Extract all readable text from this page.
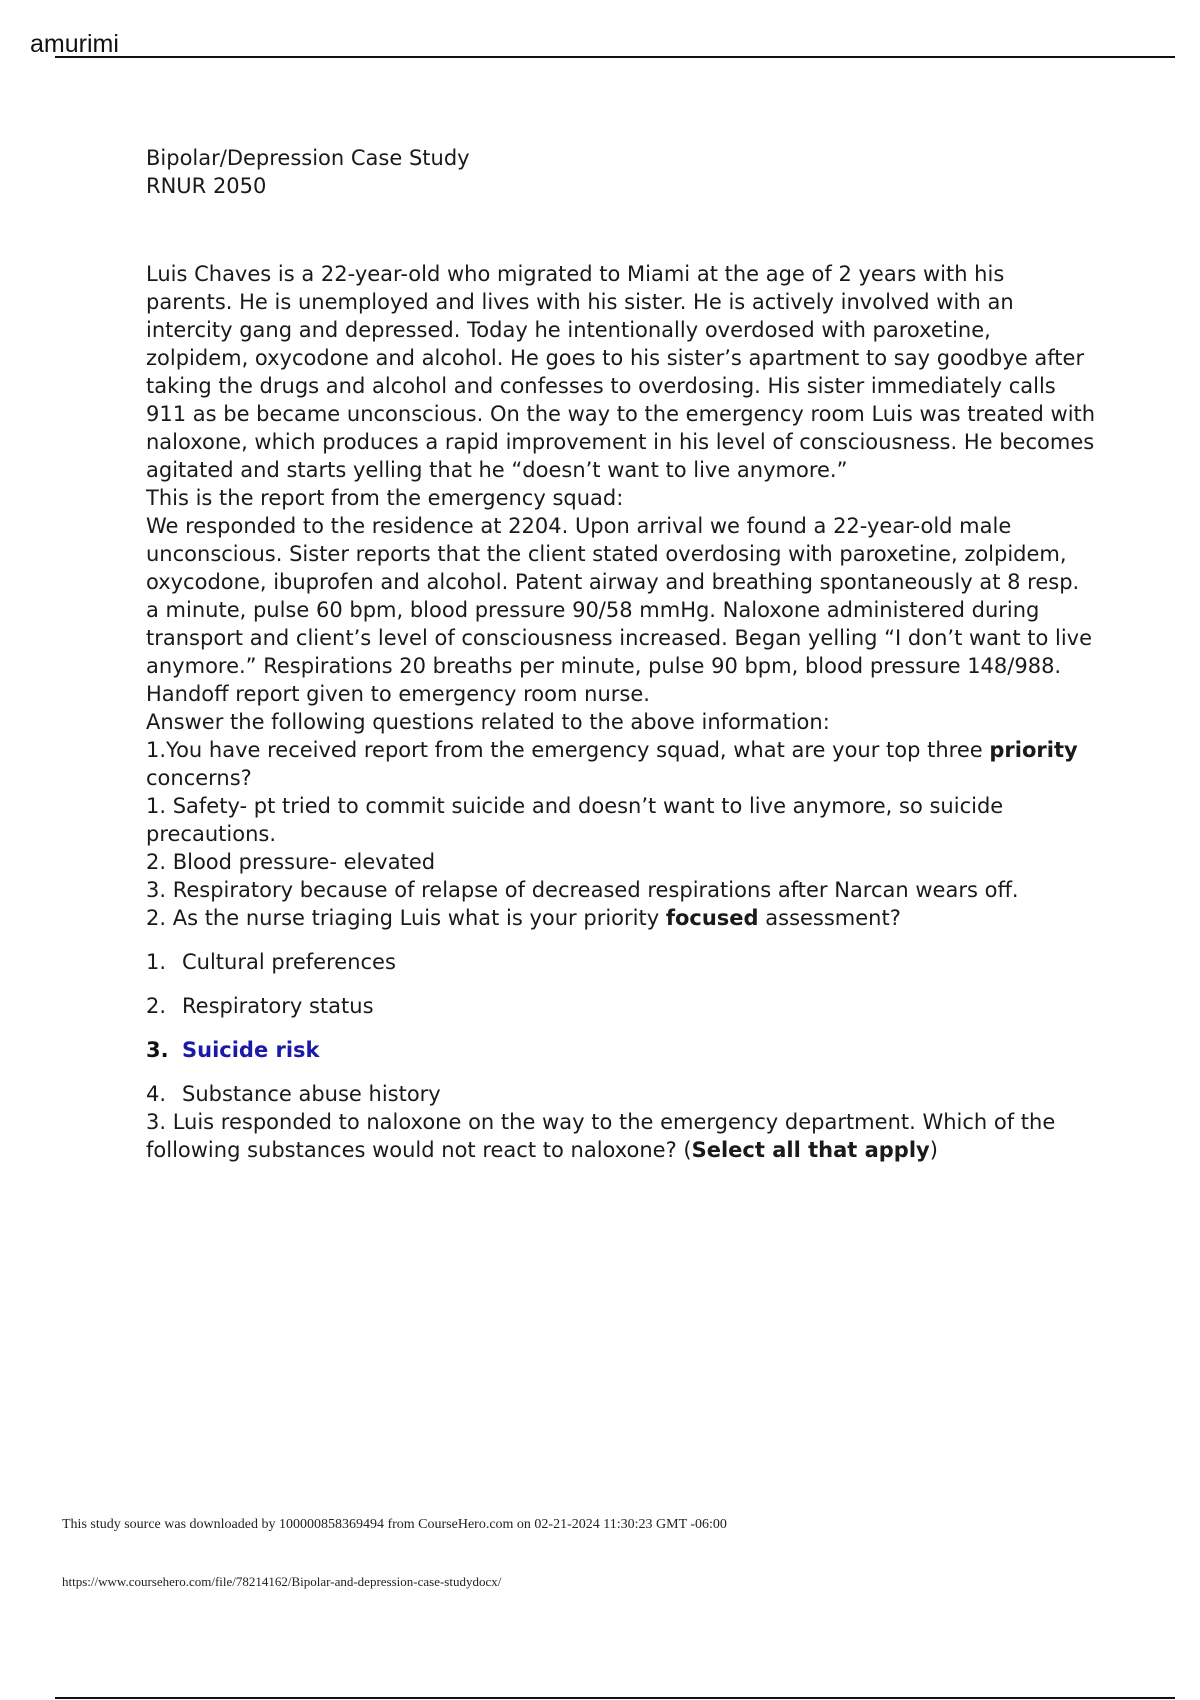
amurimi

Bipolar/Depression Case Study

RNUR 2050

Luis Chaves is a 22-year-old who migrated to Miami at the age of 2 years with his parents. He is unemployed and lives with his sister. He is actively involved with an intercity gang and depressed. Today he intentionally overdosed with paroxetine, zolpidem, oxycodone and alcohol. He goes to his sister’s apartment to say goodbye after taking the drugs and alcohol and confesses to overdosing. His sister immediately calls 911 as be became unconscious. On the way to the emergency room Luis was treated with naloxone, which produces a rapid improvement in his level of consciousness. He becomes agitated and starts yelling that he “doesn’t want to live anymore.”

This is the report from the emergency squad:

We responded to the residence at 2204. Upon arrival we found a 22-year-old male unconscious. Sister reports that the client stated overdosing with paroxetine, zolpidem, oxycodone, ibuprofen and alcohol. Patent airway and breathing spontaneously at 8 resp. a minute, pulse 60 bpm, blood pressure 90/58 mmHg. Naloxone administered during transport and client’s level of consciousness increased. Began yelling “I don’t want to live anymore.” Respirations 20 breaths per minute, pulse 90 bpm, blood pressure 148/988. Handoff report given to emergency room nurse.

Answer the following questions related to the above information:

1.You have received report from the emergency squad, what are your top three priority concerns?

1. Safety- pt tried to commit suicide and doesn’t want to live anymore, so suicide precautions.

2. Blood pressure- elevated

3. Respiratory because of relapse of decreased respirations after Narcan wears off.

2. As the nurse triaging Luis what is your priority focused assessment?

1. Cultural preferences
2. Respiratory status
3. Suicide risk
4. Substance abuse history

3. Luis responded to naloxone on the way to the emergency department. Which of the following substances would not react to naloxone? (Select all that apply)

This study source was downloaded by 100000858369494 from CourseHero.com on 02-21-2024 11:30:23 GMT -06:00
https://www.coursehero.com/file/78214162/Bipolar-and-depression-case-studydocx/
